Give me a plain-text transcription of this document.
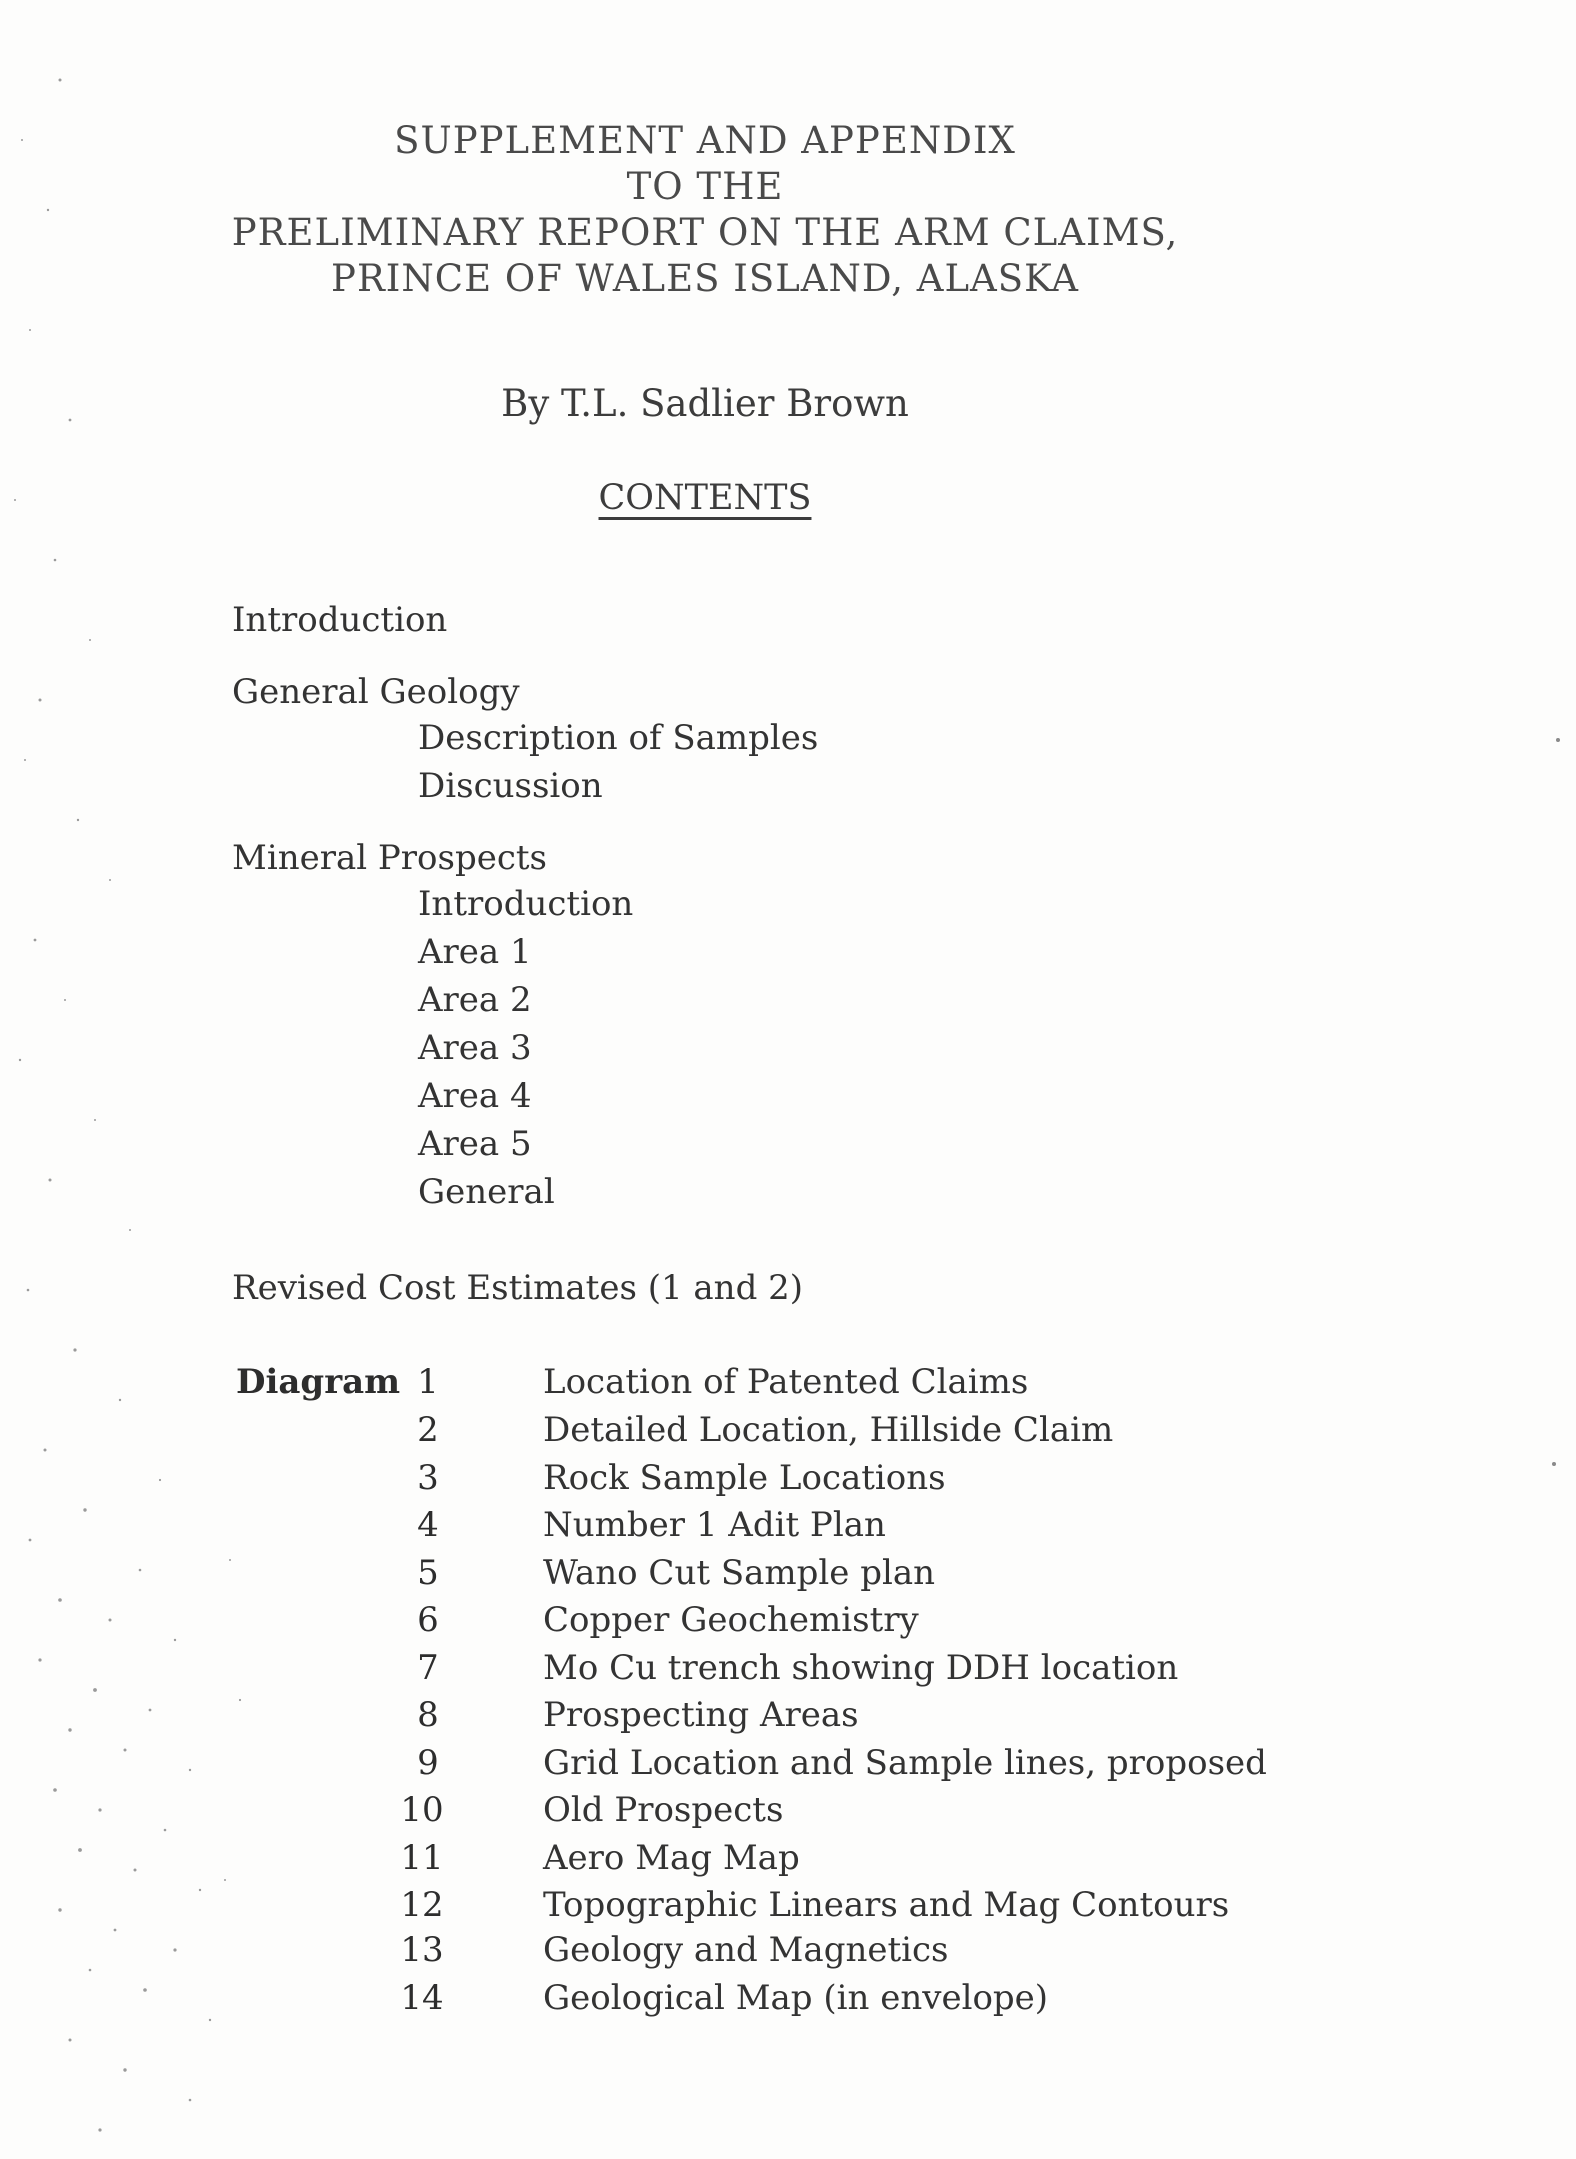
SUPPLEMENT AND APPENDIX
TO THE
PRELIMINARY REPORT ON THE ARM CLAIMS,
PRINCE OF WALES ISLAND, ALASKA
By T.L. Sadlier Brown
CONTENTS
Introduction
General Geology
Description of Samples
Discussion
Mineral Prospects
Introduction
Area 1
Area 2
Area 3
Area 4
Area 5
General
Revised Cost Estimates (1 and 2)
Diagram 1	Location of Patented Claims
2	Detailed Location, Hillside Claim
3	Rock Sample Locations
4	Number 1 Adit Plan
5	Wano Cut Sample plan
6	Copper Geochemistry
7	Mo Cu trench showing DDH location
8	Prospecting Areas
9	Grid Location and Sample lines, proposed
10	Old Prospects
11	Aero Mag Map
12	Topographic Linears and Mag Contours
13	Geology and Magnetics
14	Geological Map (in envelope)
